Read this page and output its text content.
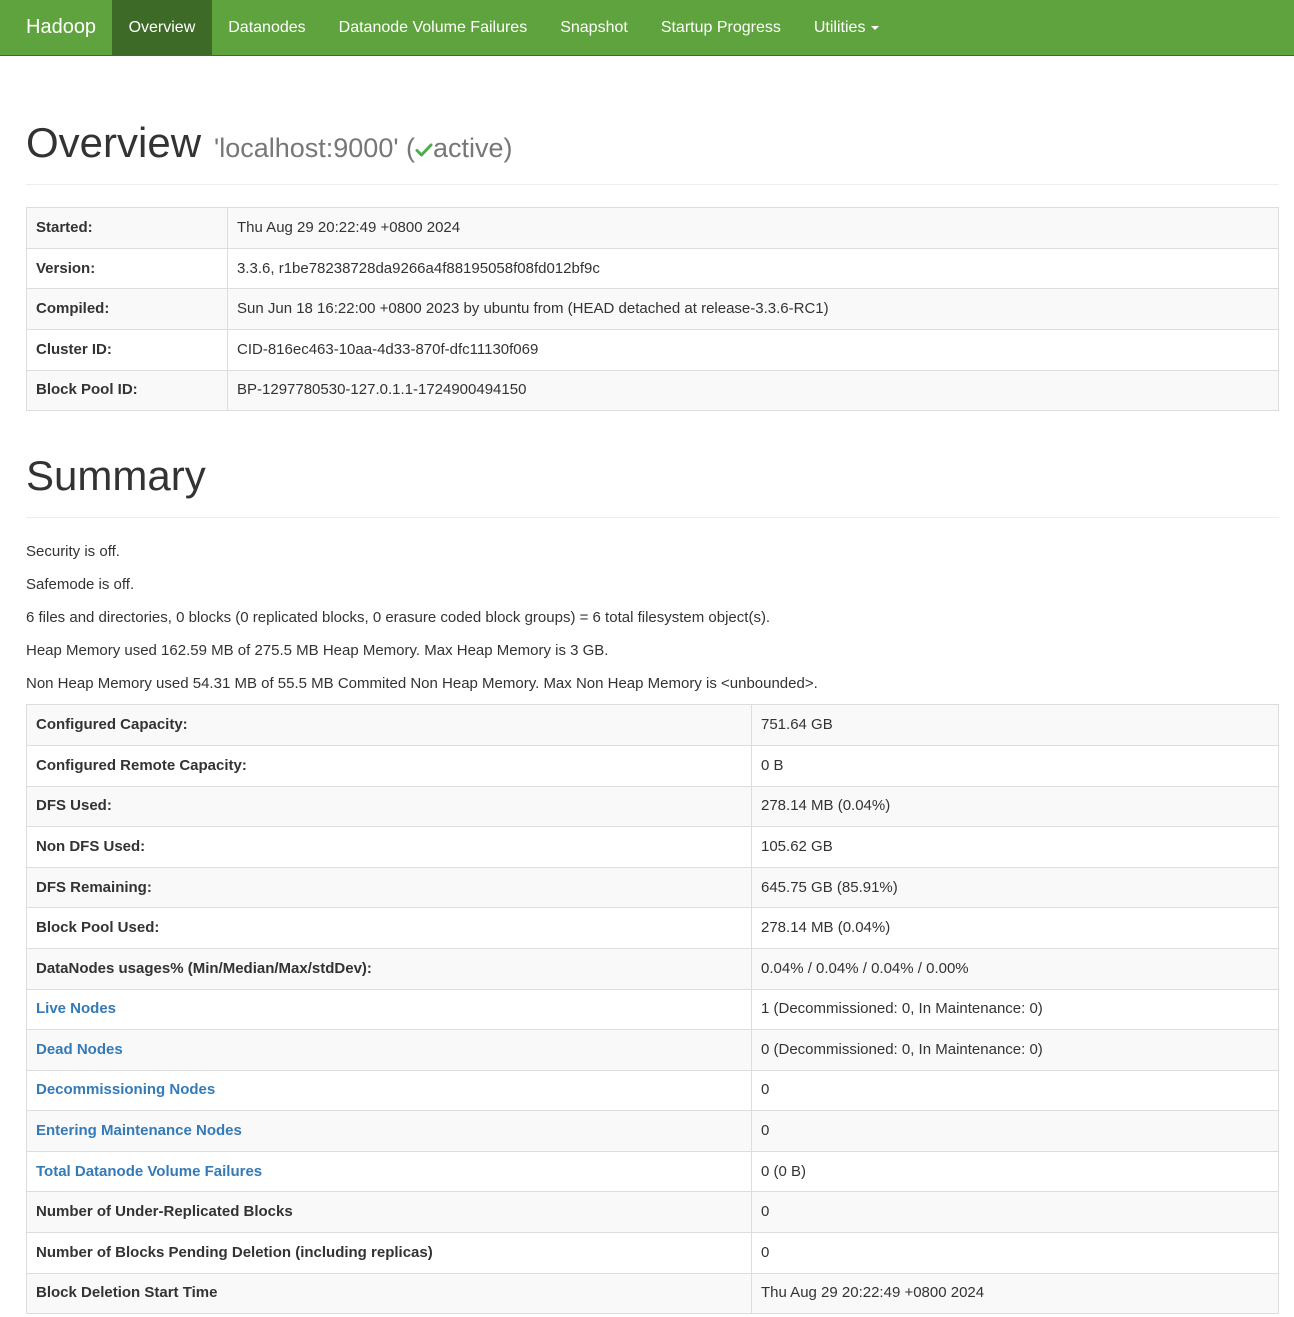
Hadoop	Overview Datanodes Datanode Volume Failures Snapshot Startup Progress Utilities
Overview 'localhost:9000' ( active)
Started:	Thu Aug 29 20:22:49 +0800 2024
Version:	3.3.6, r1be78238728da9266a4f88195058f08fd012bf9c
Compiled:	Sun Jun 18 16:22:00 +0800 2023 by ubuntu from (HEAD detached at release-3.3.6-RC1)
Cluster ID:	CID-816ec463-10aa-4d33-870f-dfc11130f069
Block Pool ID:	BP-1297780530-127.0.1.1-1724900494150
Summary

Security is off.

Safemode is off.

6 files and directories, 0 blocks (0 replicated blocks, 0 erasure coded block groups) = 6 total filesystem object(s).

Heap Memory used 162.59 MB of 275.5 MB Heap Memory. Max Heap Memory is 3 GB.

Non Heap Memory used 54.31 MB of 55.5 MB Commited Non Heap Memory. Max Non Heap Memory is <unbounded>.

Configured Capacity:	751.64 GB
Configured Remote Capacity:	0 B
DFS Used:	278.14 MB (0.04%)
Non DFS Used:	105.62 GB
DFS Remaining:	645.75 GB (85.91%)
Block Pool Used:	278.14 MB (0.04%)
DataNodes usages% (Min/Median/Max/stdDev):	0.04% / 0.04% / 0.04% / 0.00%
Live Nodes	1 (Decommissioned: 0, In Maintenance: 0)
Dead Nodes	0 (Decommissioned: 0, In Maintenance: 0)
Decommissioning Nodes	0
Entering Maintenance Nodes	0
Total Datanode Volume Failures	0 (0 B)
Number of Under-Replicated Blocks	0
Number of Blocks Pending Deletion (including replicas)	0
Block Deletion Start Time	Thu Aug 29 20:22:49 +0800 2024
